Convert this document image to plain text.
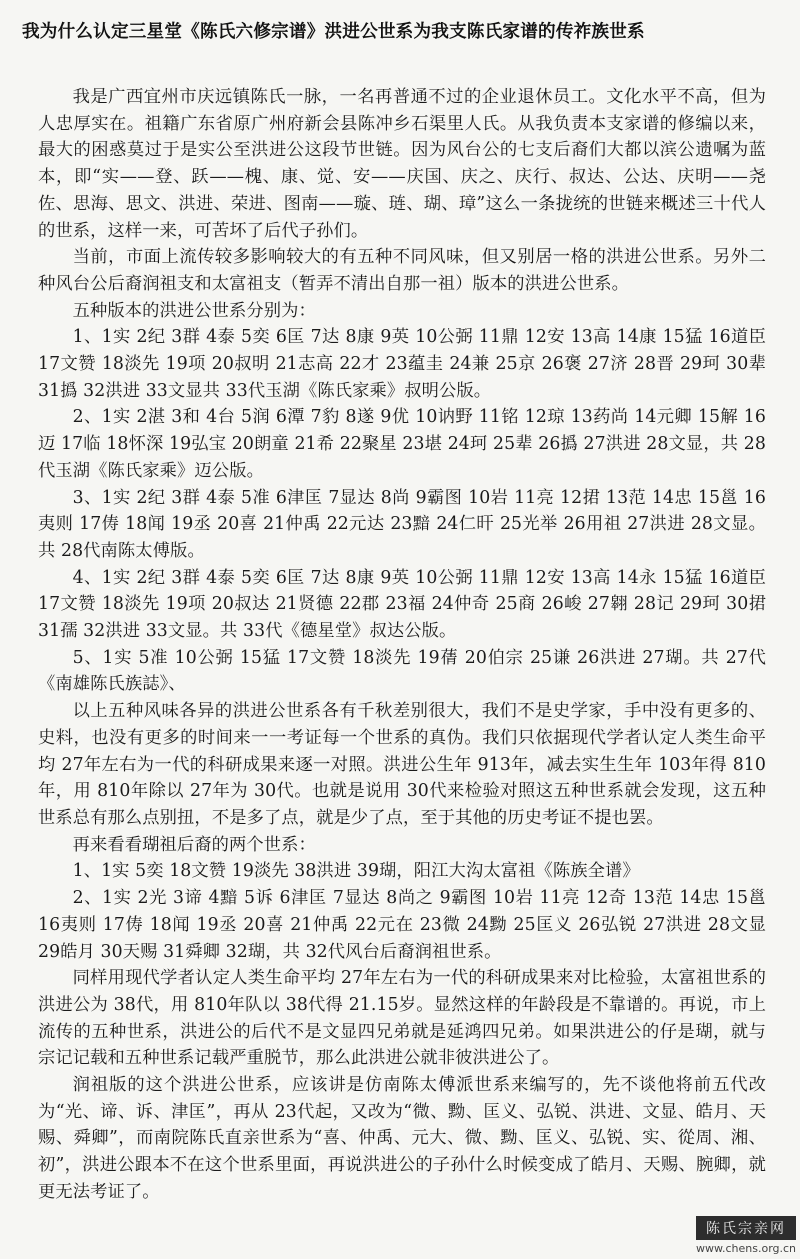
我为什么认定三星堂《陈氏六修宗谱》洪进公世系为我支陈氏家谱的传祚族世系

我是广西宜州市庆远镇陈氏一脉，一名再普通不过的企业退休员工。文化水平不高，但为人忠厚实在。祖籍广东省原广州府新会县陈冲乡石渠里人氏。从我负责本支家谱的修编以来，最大的困惑莫过于是实公至洪进公这段节世链。因为风台公的七支后裔们大都以滨公遗嘱为蓝本，即“实——登、跃——槐、康、觉、安——庆国、庆之、庆行、叔达、公达、庆明——尧佐、思海、思文、洪进、荣进、图南——璇、琏、瑚、璋”这么一条拢统的世链来概述三十代人的世系，这样一来，可苦坏了后代子孙们。

当前，市面上流传较多影响较大的有五种不同风味，但又别居一格的洪进公世系。另外二种风台公后裔润祖支和太富祖支（暂弄不清出自那一祖）版本的洪进公世系。

五种版本的洪进公世系分别为：

1、1实 2纪 3群 4泰 5奕 6匡 7达 8康 9英 10公弼 11鼎 12安 13高 14康 15猛 16道臣 17文赞 18淡先 19项 20叔明 21志高 22才 23蕴圭 24兼 25京 26褒 27济 28晋 29珂 30辈 31撝 32洪进 33文显共 33代玉湖《陈氏家乘》叔明公版。

2、1实 2湛 3和 4台 5润 6潭 7豹 8遂 9优 10讷野 11铭 12琼 13药尚 14元卿 15解 16迈 17临 18怀深 19弘宝 20朗童 21希 22聚星 23堪 24珂 25辈 26撝 27洪进 28文显，共 28代玉湖《陈氏家乘》迈公版。

3、1实 2纪 3群 4泰 5准 6津匡 7显达 8尚 9霸图 10岩 11亮 12捃 13范 14忠 15邕 16夷则 17俦 18闻 19丞 20喜 21仲禹 22元达 23黯 24仁旰 25光举 26用祖 27洪进 28文显。共 28代南陈太傅版。

4、1实 2纪 3群 4泰 5奕 6匡 7达 8康 9英 10公弼 11鼎 12安 13高 14永 15猛 16道臣 17文赞 18淡先 19项 20叔达 21贤德 22郡 23福 24仲奇 25商 26峻 27翱 28记 29珂 30捃 31孺 32洪进 33文显。共 33代《德星堂》叔达公版。

5、1实 5准 10公弼 15猛 17文赞 18淡先 19蒨 20伯宗 25谦 26洪进 27瑚。共 27代《南雄陈氏族誌》、

以上五种风味各异的洪进公世系各有千秋差别很大，我们不是史学家，手中没有更多的、史料，也没有更多的时间来一一考证每一个世系的真伪。我们只依据现代学者认定人类生命平均 27年左右为一代的科研成果来逐一对照。洪进公生年 913年，减去实生生年 103年得 810年，用 810年除以 27年为 30代。也就是说用 30代来检验对照这五种世系就会发现，这五种世系总有那么点别扭，不是多了点，就是少了点，至于其他的历史考证不提也罢。

再来看看瑚祖后裔的两个世系：

1、1实 5奕 18文赞 19淡先 38洪进 39瑚，阳江大沟太富祖《陈族全谱》

2、1实 2光 3谛 4黯 5诉 6津匡 7显达 8尚之 9霸图 10岩 11亮 12奇 13范 14忠 15邕 16夷则 17俦 18闻 19丞 20喜 21仲禹 22元在 23微 24黝 25匡义 26弘锐 27洪进 28文显 29皓月 30天赐 31舜卿 32瑚，共 32代风台后裔润祖世系。

同样用现代学者认定人类生命平均 27年左右为一代的科研成果来对比检验，太富祖世系的洪进公为 38代，用 810年队以 38代得 21.15岁。显然这样的年龄段是不靠谱的。再说，市上流传的五种世系，洪进公的后代不是文显四兄弟就是延鸿四兄弟。如果洪进公的仔是瑚，就与宗记记载和五种世系记载严重脱节，那么此洪进公就非彼洪进公了。

润祖版的这个洪进公世系，应该讲是仿南陈太傅派世系来编写的，先不谈他将前五代改为“光、谛、诉、津匡”，再从 23代起，又改为“微、黝、匡义、弘锐、洪进、文显、皓月、天赐、舜卿”，而南院陈氏直亲世系为“喜、仲禹、元大、微、黝、匡义、弘锐、实、從周、湘、初”，洪进公跟本不在这个世系里面，再说洪进公的子孙什么时候变成了皓月、天赐、腕卿，就更无法考证了。

陈氏宗亲网
www.chens.org.cn
